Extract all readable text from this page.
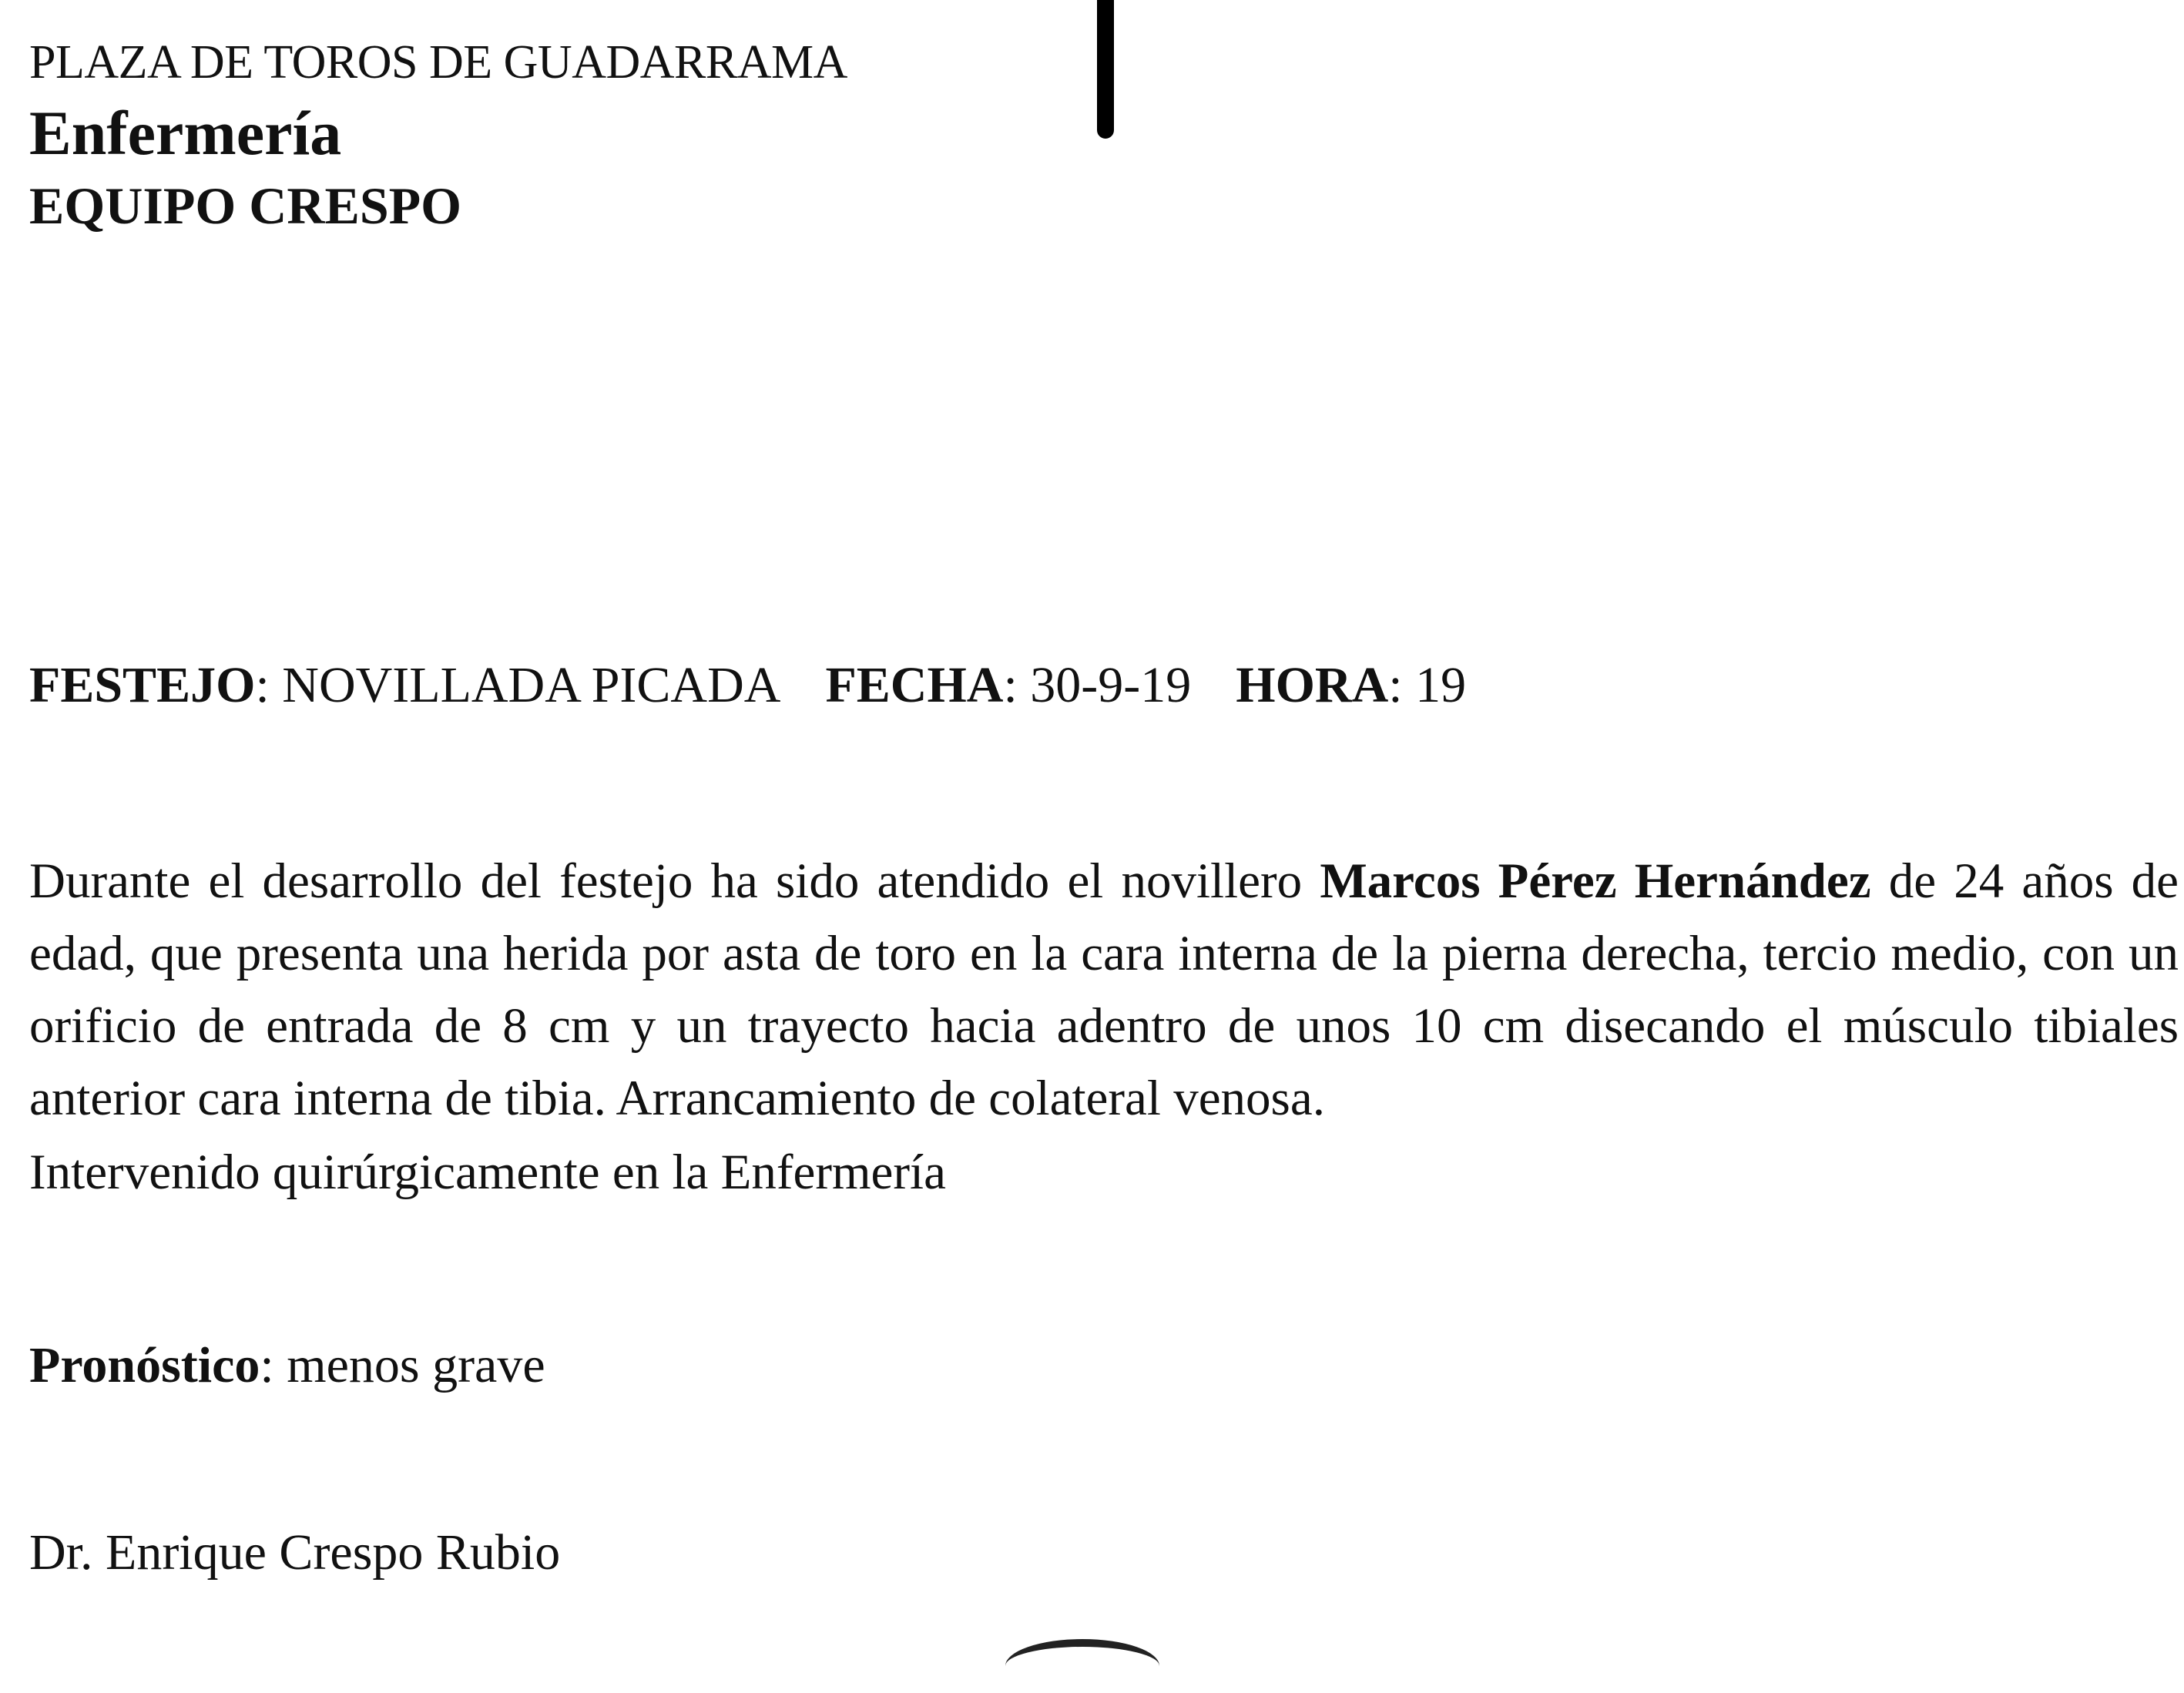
PLAZA DE TOROS DE GUADARRAMA
Enfermería
EQUIPO CRESPO
FESTEJO: NOVILLADA PICADA FECHA: 30-9-19 HORA: 19
Durante el desarrollo del festejo ha sido atendido el novillero Marcos Pérez Hernández de 24 años de edad, que presenta una herida por asta de toro en la cara interna de la pierna derecha, tercio medio, con un orificio de entrada de 8 cm y un trayecto hacia adentro de unos 10 cm disecando el músculo tibiales anterior cara interna de tibia. Arrancamiento de colateral venosa.
Intervenido quirúrgicamente en la Enfermería
Pronóstico: menos grave
Dr. Enrique Crespo Rubio
